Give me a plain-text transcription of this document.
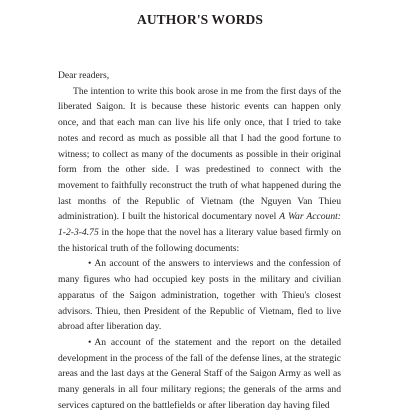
AUTHOR'S WORDS

Dear readers,

The intention to write this book arose in me from the first days of the liberated Saigon. It is because these historic events can happen only once, and that each man can live his life only once, that I tried to take notes and record as much as possible all that I had the good fortune to witness; to collect as many of the documents as possible in their original form from the other side. I was predestined to connect with the movement to faithfully reconstruct the truth of what happened during the last months of the Republic of Vietnam (the Nguyen Van Thieu administration). I built the historical documentary novel A War Account: 1-2-3-4.75 in the hope that the novel has a literary value based firmly on the historical truth of the following documents:

• An account of the answers to interviews and the confession of many figures who had occupied key posts in the military and civilian apparatus of the Saigon administration, together with Thieu's closest advisors. Thieu, then President of the Republic of Vietnam, fled to live abroad after liberation day.

• An account of the statement and the report on the detailed development in the process of the fall of the defense lines, at the strategic areas and the last days at the General Staff of the Saigon Army as well as many generals in all four military regions; the generals of the arms and services captured on the battlefields or after liberation day having filed
